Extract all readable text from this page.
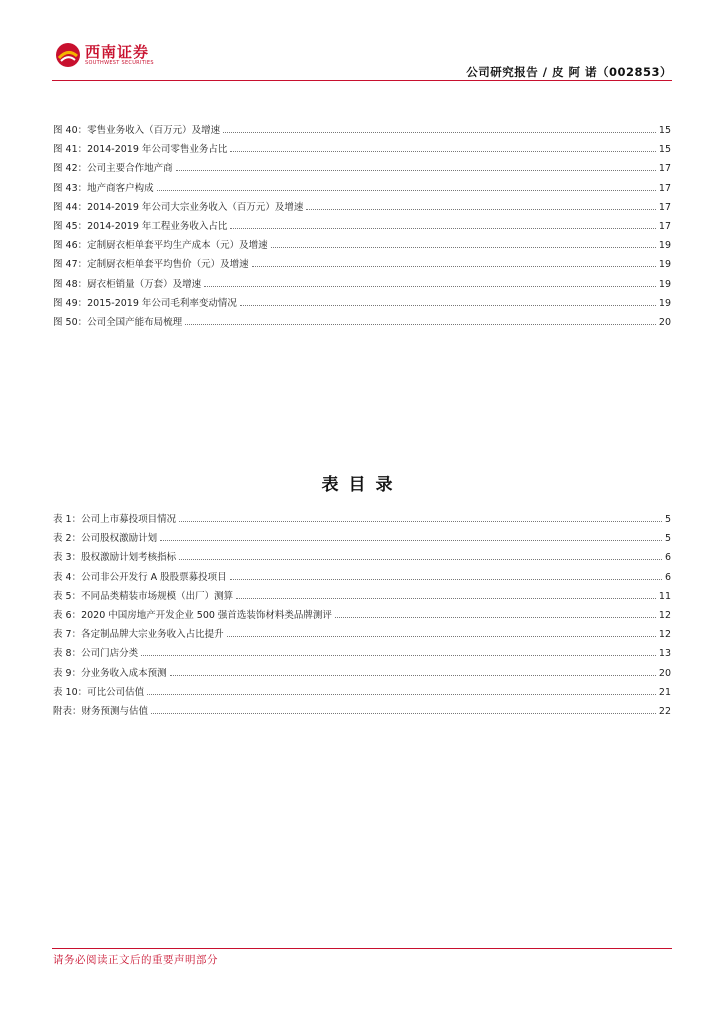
西南证券
SOUTHWEST SECURITIES
公司研究报告 / 皮 阿 诺（002853）
图 40：零售业务收入（百万元）及增速	15
图 41：2014-2019 年公司零售业务占比	15
图 42：公司主要合作地产商	17
图 43：地产商客户构成	17
图 44：2014-2019 年公司大宗业务收入（百万元）及增速	17
图 45：2014-2019 年工程业务收入占比	17
图 46：定制厨衣柜单套平均生产成本（元）及增速	19
图 47：定制厨衣柜单套平均售价（元）及增速	19
图 48：厨衣柜销量（万套）及增速	19
图 49：2015-2019 年公司毛利率变动情况	19
图 50：公司全国产能布局梳理	20
表目录
表 1：公司上市募投项目情况	5
表 2：公司股权激励计划	5
表 3：股权激励计划考核指标	6
表 4：公司非公开发行 A 股股票募投项目	6
表 5：不同品类精装市场规模（出厂）测算	11
表 6：2020 中国房地产开发企业 500 强首选装饰材料类品牌测评	12
表 7：各定制品牌大宗业务收入占比提升	12
表 8：公司门店分类	13
表 9：分业务收入成本预测	20
表 10：可比公司估值	21
附表：财务预测与估值	22
请务必阅读正文后的重要声明部分
